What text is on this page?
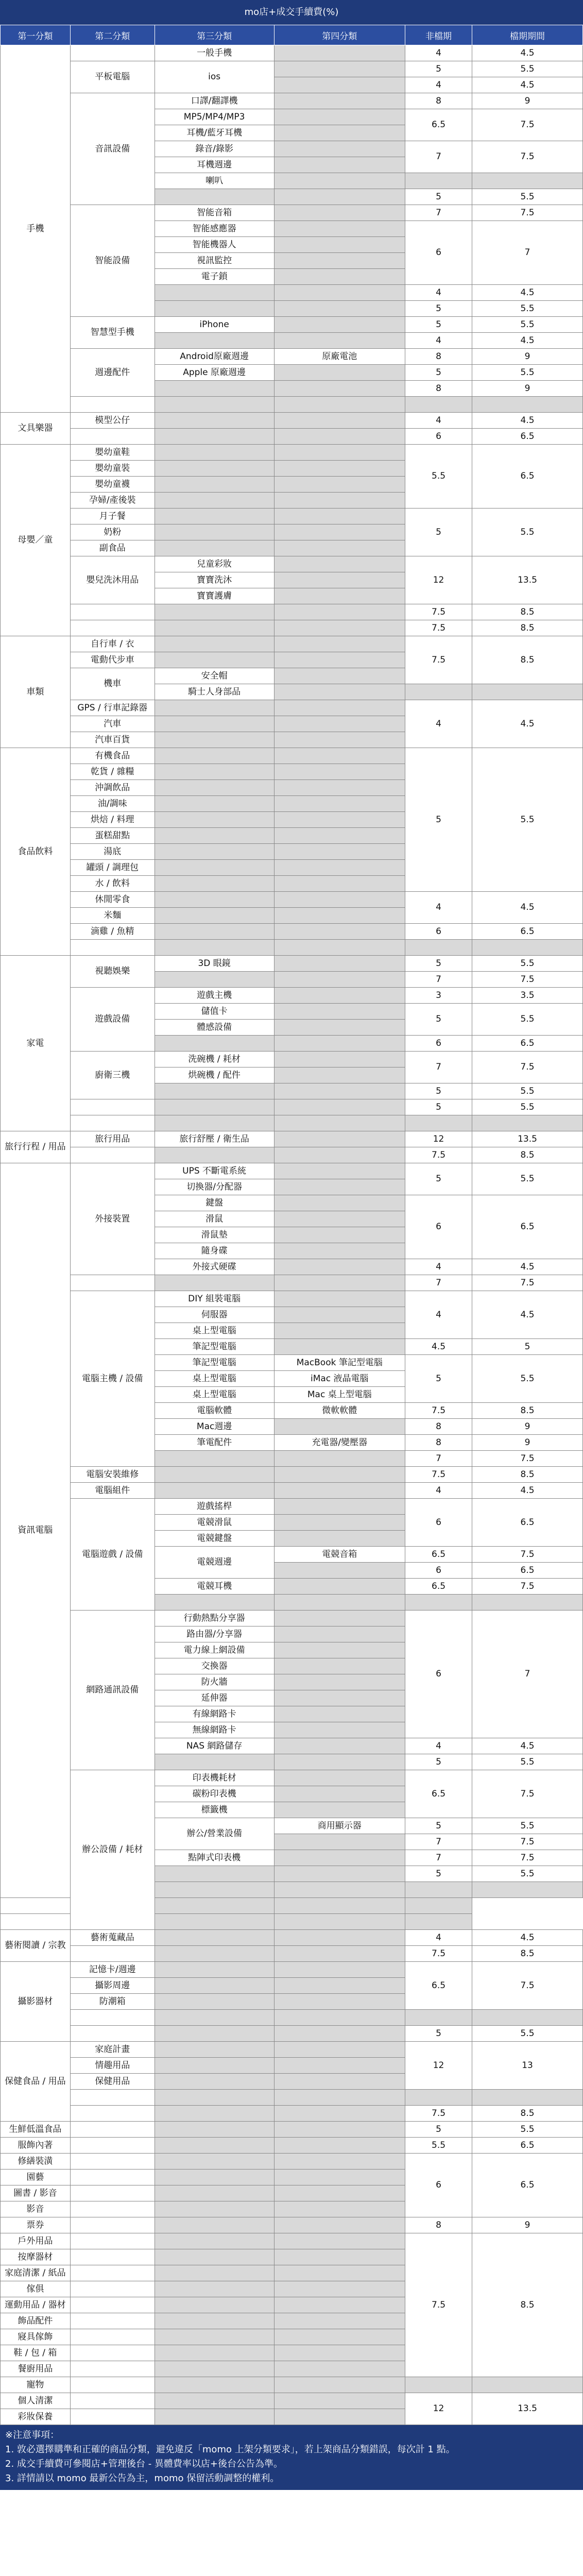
mo店+成交手續費(%)
第一分類	第二分類	第三分類	第四分類	非檔期	檔期期間
手機		一般手機		4	4.5
	平板電腦	ios		5	5.5
				4	4.5
	音訊設備	口譯/翻譯機		8	9
		MP5/MP4/MP3		6.5	7.5
		耳機/藍牙耳機			
		錄音/錄影		7	7.5
		耳機週邊			
		喇叭			
				5	5.5
	智能設備	智能音箱		7	7.5
		智能感應器		6	7
		智能機器人			
		視訊監控			
		電子鎖			
				4	4.5
				5	5.5
	智慧型手機	iPhone		5	5.5
				4	4.5
	週邊配件	Android原廠週邊	原廠電池	8	9
		Apple 原廠週邊		5	5.5
				8	9

文具樂器	模型公仔			4	4.5
				6	6.5
母嬰／童	嬰幼童鞋			5.5	6.5
	嬰幼童裝				
	嬰幼童襪				
	孕婦/產後裝				
	月子餐			5	5.5
	奶粉				
	副食品				
	嬰兒洗沐用品	兒童彩妝		12	13.5
		寶寶洗沐			
		寶寶護膚			
				7.5	8.5
				7.5	8.5
車類	自行車 / 衣			7.5	8.5
	電動代步車				
	機車	安全帽			
		騎士人身部品			
	GPS / 行車記錄器			4	4.5
	汽車				
	汽車百貨				
食品飲料	有機食品			5	5.5
	乾貨 / 雜糧				
	沖調飲品				
	油/調味				
	烘焙 / 料理				
	蛋糕甜點				
	湯底				
	罐頭 / 調理包				
	水 / 飲料				
	休閒零食			4	4.5
	米麵				
	滴雞 / 魚精			6	6.5

家電	視聽娛樂	3D 眼鏡		5	5.5
				7	7.5
	遊戲設備	遊戲主機		3	3.5
		儲值卡		5	5.5
		體感設備			
				6	6.5
	廚衛三機	洗碗機 / 耗材		7	7.5
		烘碗機 / 配件			
				5	5.5
				5	5.5

旅行行程 / 用品	旅行用品	旅行舒壓 / 衛生品		12	13.5
				7.5	8.5
資訊電腦	外接裝置	UPS 不斷電系統		5	5.5
		切換器/分配器			
		鍵盤		6	6.5
		滑鼠			
		滑鼠墊			
		隨身碟			
		外接式硬碟		4	4.5
				7	7.5
	電腦主機 / 設備	DIY 組裝電腦		4	4.5
		伺服器			
		桌上型電腦			
		筆記型電腦		4.5	5
		筆記型電腦	MacBook 筆記型電腦	5	5.5
		桌上型電腦	iMac 液晶電腦		
		桌上型電腦	Mac 桌上型電腦		
		電腦軟體	微軟軟體	7.5	8.5
		Mac週邊		8	9
		筆電配件	充電器/變壓器	8	9
				7	7.5
	電腦安裝維修			7.5	8.5
	電腦組件			4	4.5
	電腦遊戲 / 設備	遊戲搖桿		6	6.5
		電競滑鼠			
		電競鍵盤			
		電競週邊	電競音箱	6.5	7.5
				6	6.5
		電競耳機		6.5	7.5

	網路通訊設備	行動熱點分享器		6	7
		路由器/分享器			
		電力線上網設備			
		交換器			
		防火牆			
		延伸器			
		有線網路卡			
		無線網路卡			
		NAS 網路儲存		4	4.5
				5	5.5
	辦公設備 / 耗材	印表機耗材		6.5	7.5
		碳粉印表機			
		標籤機			
		辦公/營業設備	商用顯示器	5	5.5
				7	7.5
		點陣式印表機		7	7.5
				5	5.5

藝術閱讀 / 宗教	藝術蒐藏品			4	4.5
				7.5	8.5
攝影器材	記憶卡/週邊			6.5	7.5
	攝影周邊				
	防潮箱				

				5	5.5
保健食品 / 用品	家庭計畫			12	13
	情趣用品				
	保健用品				

				7.5	8.5
生鮮低溫食品				5	5.5
服飾內著				5.5	6.5
修繕裝潢				6	6.5
園藝					
圖書 / 影音					
影音					
票券				8	9
戶外用品				7.5	8.5
按摩器材					
家庭清潔 / 紙品					
傢俱					
運動用品 / 器材					
飾品配件					
寢具傢飾					
鞋 / 包 / 箱					
餐廚用品					
寵物					
個人清潔				12	13.5
彩妝保養					
※注意事項：
1. 敦必選擇購準和正確的商品分類，避免違反「momo 上架分類要求」，若上架商品分類錯誤，每次計 1 點。
2. 成交手續費可參閱店+管理後台 - 異體費率以店+後台公告為準。
3. 詳情請以 momo 最新公告為主，momo 保留活動調整的權利。
